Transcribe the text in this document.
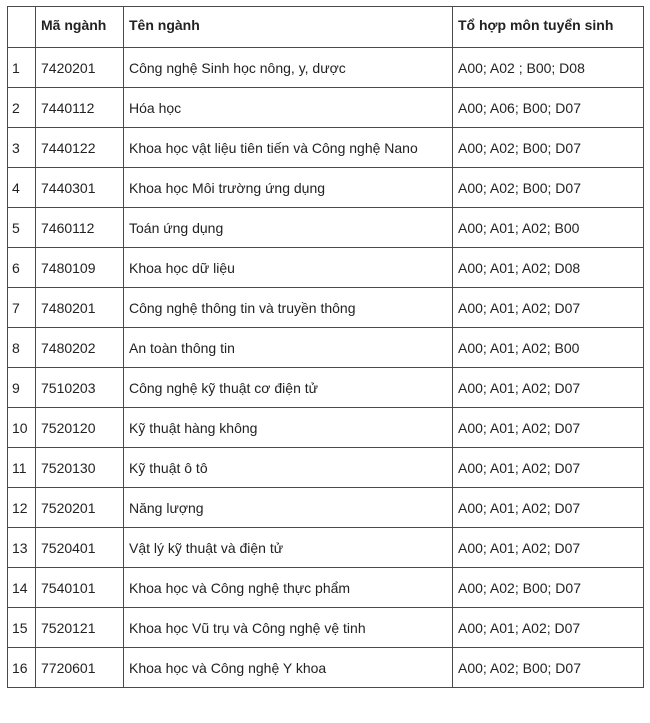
	Mã ngành	Tên ngành	Tổ hợp môn tuyển sinh
1	7420201	Công nghệ Sinh học nông, y, dược	A00; A02 ; B00; D08
2	7440112	Hóa học	A00; A06; B00; D07
3	7440122	Khoa học vật liệu tiên tiến và Công nghệ Nano	A00; A02; B00; D07
4	7440301	Khoa học Môi trường ứng dụng	A00; A02; B00; D07
5	7460112	Toán ứng dụng	A00; A01; A02; B00
6	7480109	Khoa học dữ liệu	A00; A01; A02; D08
7	7480201	Công nghệ thông tin và truyền thông	A00; A01; A02; D07
8	7480202	An toàn thông tin	A00; A01; A02; B00
9	7510203	Công nghệ kỹ thuật cơ điện tử	A00; A01; A02; D07
10	7520120	Kỹ thuật hàng không	A00; A01; A02; D07
11	7520130	Kỹ thuật ô tô	A00; A01; A02; D07
12	7520201	Năng lượng	A00; A01; A02; D07
13	7520401	Vật lý kỹ thuật và điện tử	A00; A01; A02; D07
14	7540101	Khoa học và Công nghệ thực phẩm	A00; A02; B00; D07
15	7520121	Khoa học Vũ trụ và Công nghệ vệ tinh	A00; A01; A02; D07
16	7720601	Khoa học và Công nghệ Y khoa	A00; A02; B00; D07
